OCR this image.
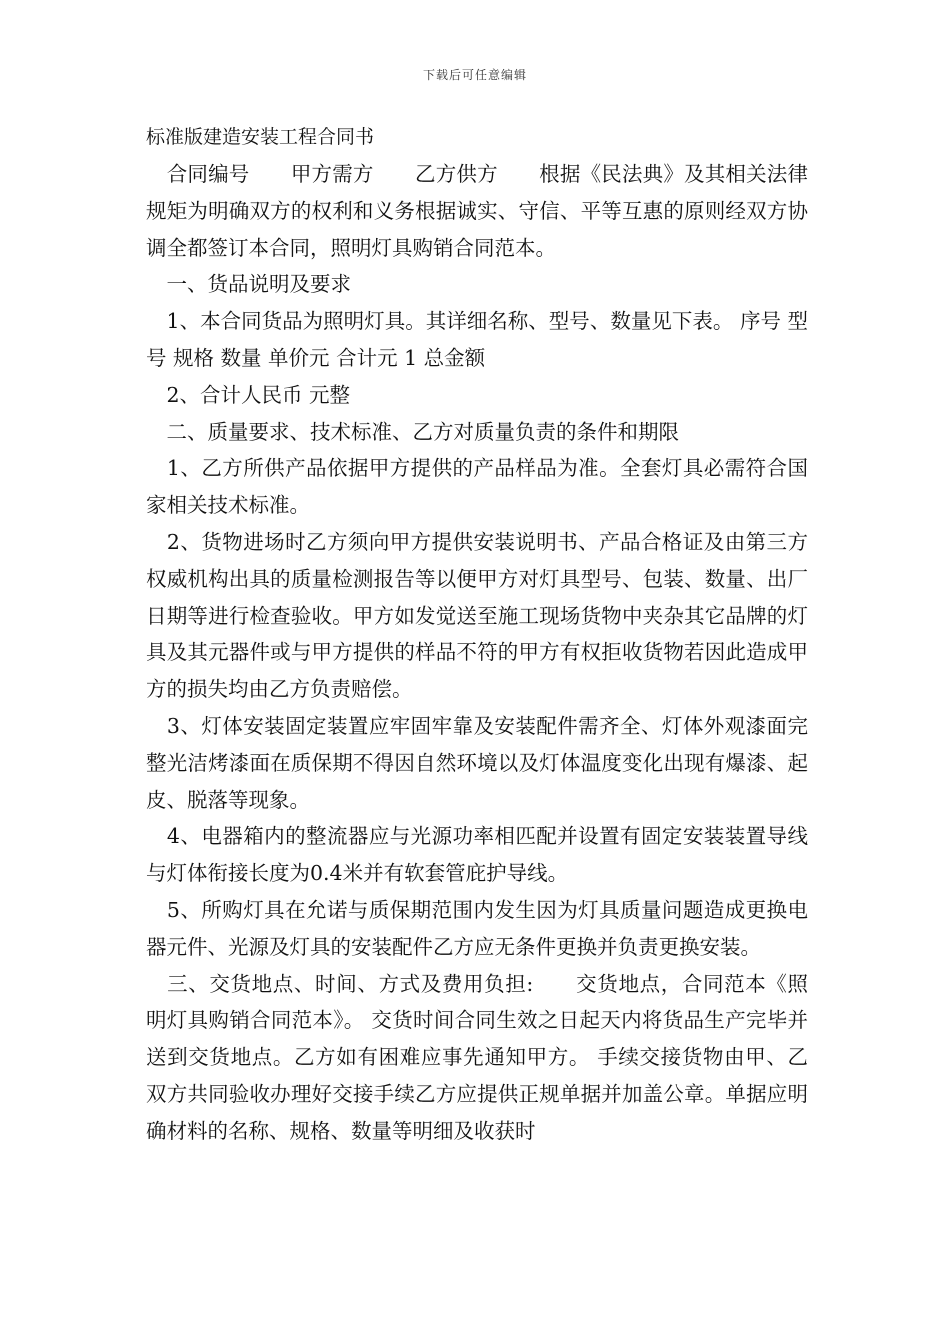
下载后可任意编辑
标准版建造安装工程合同书

　合同编号　　甲方需方　　乙方供方　　根据《民法典》及其相关法律规矩为明确双方的权利和义务根据诚实、守信、平等互惠的原则经双方协调全都签订本合同，照明灯具购销合同范本。

　一、货品说明及要求

　1、本合同货品为照明灯具。其详细名称、型号、数量见下表。 序号 型号 规格 数量 单价元 合计元 1 总金额

　2、合计人民币 元整

　二、质量要求、技术标准、乙方对质量负责的条件和期限

　1、乙方所供产品依据甲方提供的产品样品为准。全套灯具必需符合国家相关技术标准。

　2、货物进场时乙方须向甲方提供安装说明书、产品合格证及由第三方权威机构出具的质量检测报告等以便甲方对灯具型号、包装、数量、出厂日期等进行检查验收。甲方如发觉送至施工现场货物中夹杂其它品牌的灯具及其元器件或与甲方提供的样品不符的甲方有权拒收货物若因此造成甲方的损失均由乙方负责赔偿。

　3、灯体安装固定装置应牢固牢靠及安装配件需齐全、灯体外观漆面完整光洁烤漆面在质保期不得因自然环境以及灯体温度变化出现有爆漆、起皮、脱落等现象。

　4、电器箱内的整流器应与光源功率相匹配并设置有固定安装装置导线与灯体衔接长度为0.4米并有软套管庇护导线。

　5、所购灯具在允诺与质保期范围内发生因为灯具质量问题造成更换电器元件、光源及灯具的安装配件乙方应无条件更换并负责更换安装。

　三、交货地点、时间、方式及费用负担:　　交货地点，合同范本《照明灯具购销合同范本》。 交货时间合同生效之日起天内将货品生产完毕并送到交货地点。乙方如有困难应事先通知甲方。 手续交接货物由甲、乙双方共同验收办理好交接手续乙方应提供正规单据并加盖公章。单据应明确材料的名称、规格、数量等明细及收获时
